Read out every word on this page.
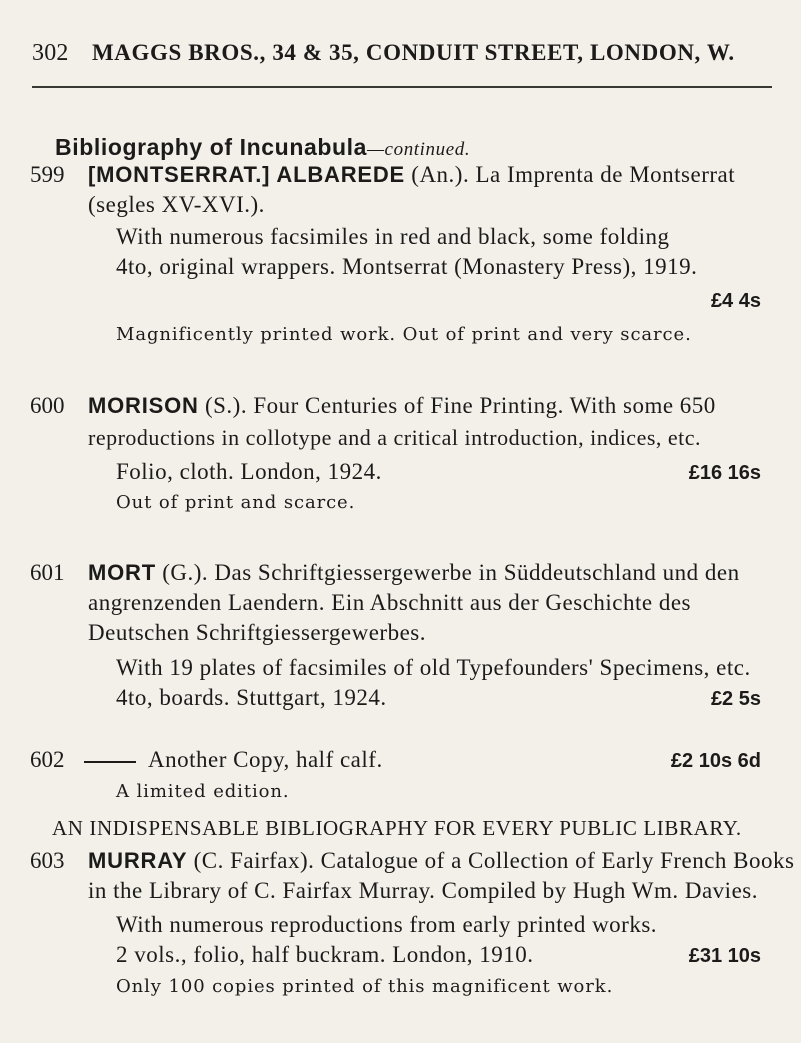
302 MAGGS BROS., 34 & 35, CONDUIT STREET, LONDON, W.
Bibliography of Incunabula—continued.
599 [MONTSERRAT.] ALBAREDE (An.). La Imprenta de Montserrat
(segles XV-XVI.).
With numerous facsimiles in red and black, some folding
4to, original wrappers. Montserrat (Monastery Press), 1919.
£4 4s
Magnificently printed work. Out of print and very scarce.
600 MORISON (S.). Four Centuries of Fine Printing. With some 650
reproductions in collotype and a critical introduction, indices, etc.
Folio, cloth. London, 1924.	£16 16s
Out of print and scarce.
601 MORT (G.). Das Schriftgiessergewerbe in Süddeutschland und den
angrenzenden Laendern. Ein Abschnitt aus der Geschichte des
Deutschen Schriftgiessergewerbes.
With 19 plates of facsimiles of old Typefounders' Specimens, etc.
4to, boards. Stuttgart, 1924.	£2 5s
602	Another Copy, half calf.	£2 10s 6d
A limited edition.
AN INDISPENSABLE BIBLIOGRAPHY FOR EVERY PUBLIC LIBRARY.
603 MURRAY (C. Fairfax). Catalogue of a Collection of Early French Books
in the Library of C. Fairfax Murray. Compiled by Hugh Wm. Davies.
With numerous reproductions from early printed works.
2 vols., folio, half buckram. London, 1910.	£31 10s
Only 100 copies printed of this magnificent work.
